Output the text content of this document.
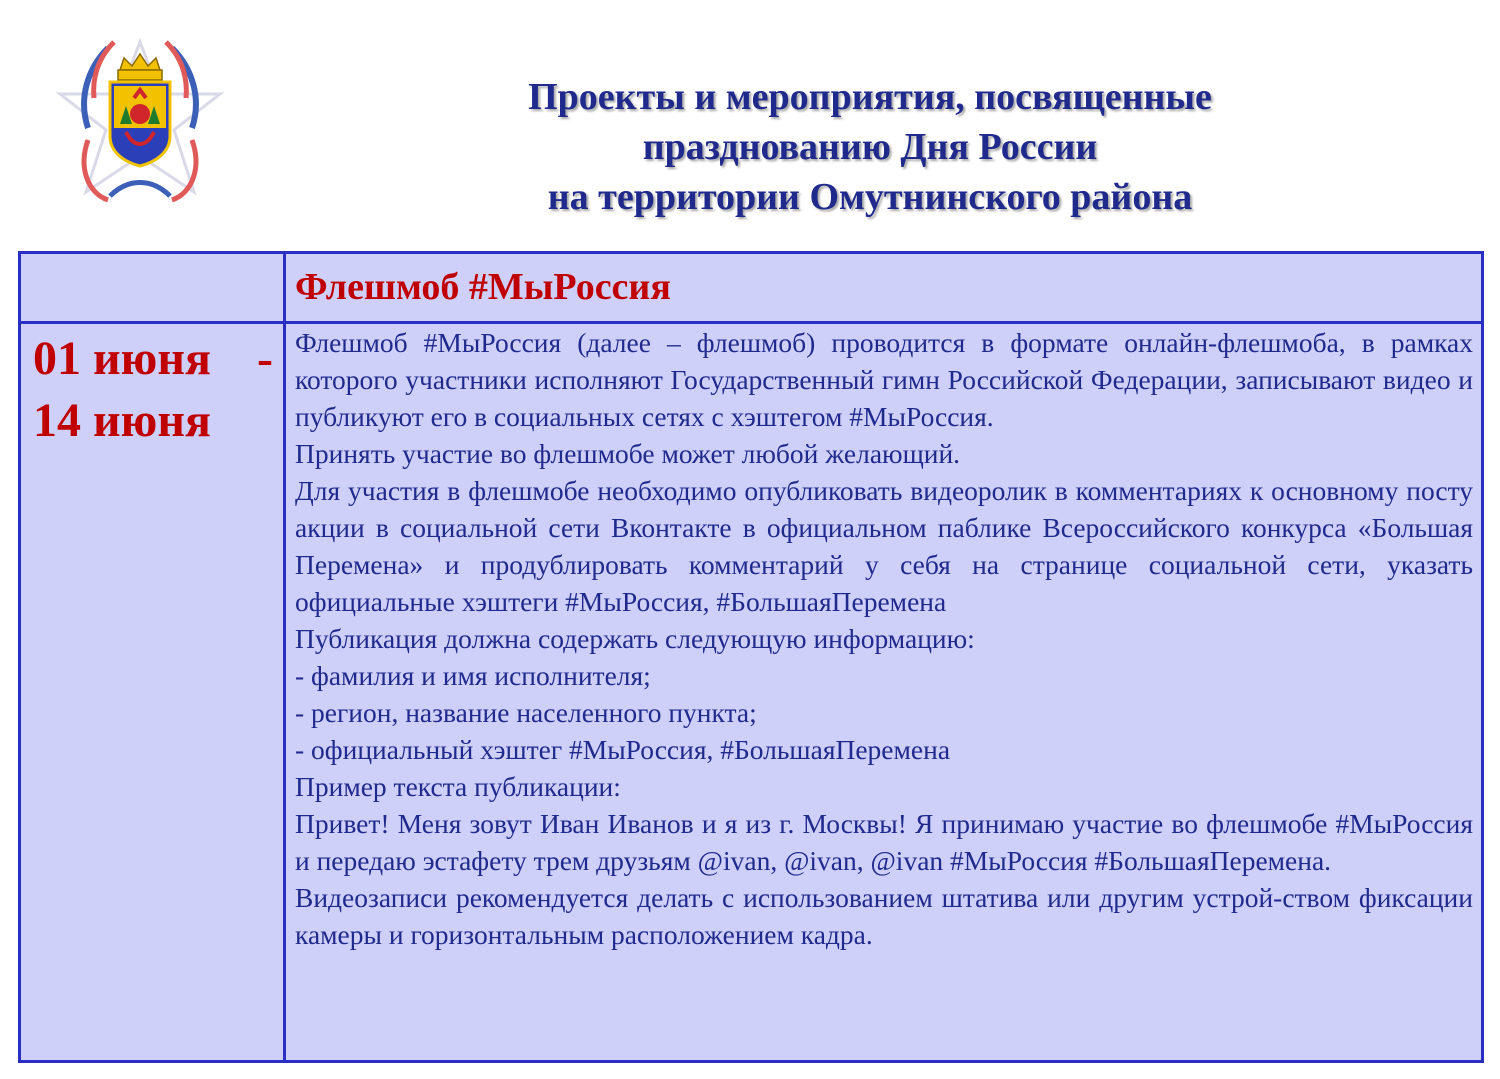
Проекты и мероприятия, посвященные
празднованию Дня России
на территории Омутнинского района
Флешмоб #МыРоссия
01 июня -
14 июня

Флешмоб #МыРоссия (далее – флешмоб) проводится в формате онлайн-флешмоба, в рамках которого участники исполняют Государственный гимн Российской Федерации, записывают видео и публикуют его в социальных сетях с хэштегом #МыРоссия.

Принять участие во флешмобе может любой желающий.

Для участия в флешмобе необходимо опубликовать видеоролик в комментариях к основному посту акции в социальной сети Вконтакте в официальном паблике Всероссийского конкурса «Большая Перемена» и продублировать комментарий у себя на странице социальной сети, указать официальные хэштеги #МыРоссия, #БольшаяПеремена

Публикация должна содержать следующую информацию:

- фамилия и имя исполнителя;

- регион, название населенного пункта;

- официальный хэштег #МыРоссия, #БольшаяПеремена

Пример текста публикации:

Привет! Меня зовут Иван Иванов и я из г. Москвы! Я принимаю участие во флешмобе #МыРоссия и передаю эстафету трем друзьям @ivan, @ivan, @ivan #МыРоссия #БольшаяПеремена.

Видеозаписи рекомендуется делать с использованием штатива или другим устрой-ством фиксации камеры и горизонтальным расположением кадра.
